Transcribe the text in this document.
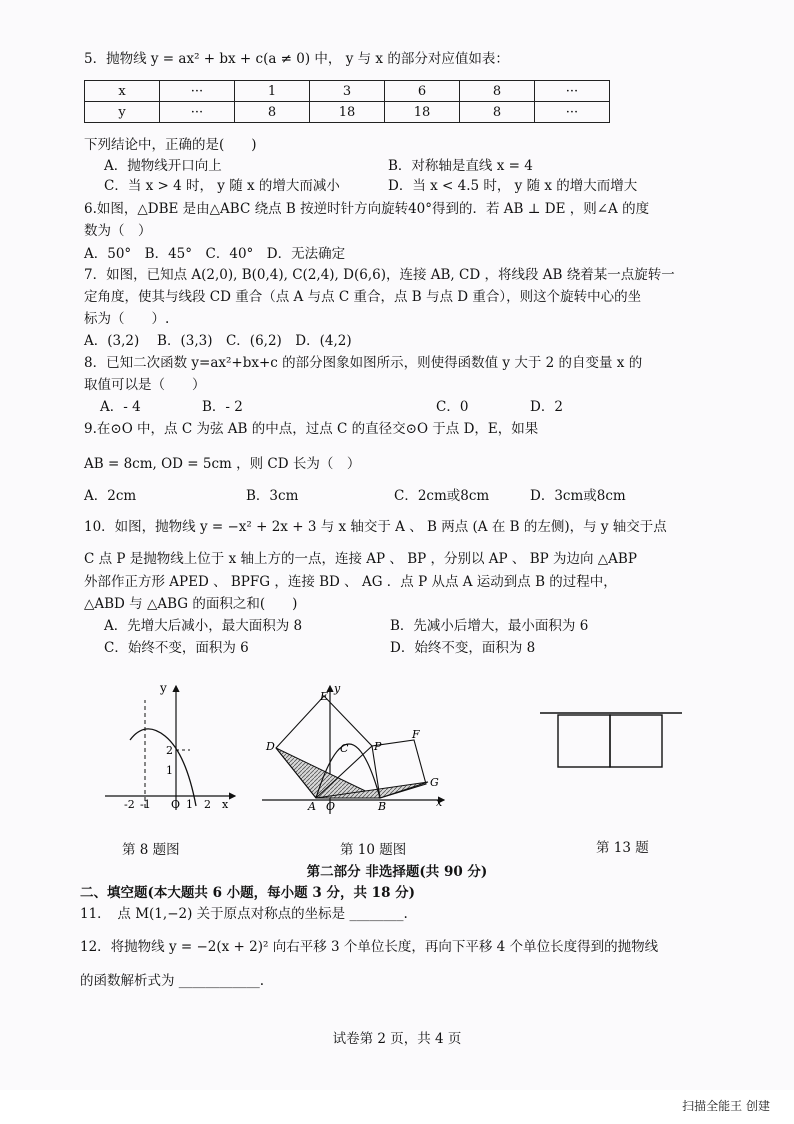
5．抛物线 y = ax² + bx + c(a ≠ 0) 中， y 与 x 的部分对应值如表：
x	···	1	3	6	8	···
y	···	8	18	18	8	···
下列结论中，正确的是(　　)
A．抛物线开口向上	B．对称轴是直线 x = 4
C．当 x > 4 时， y 随 x 的增大而减小	D．当 x < 4.5 时， y 随 x 的增大而增大
6.如图，△DBE 是由△ABC 绕点 B 按逆时针方向旋转40°得到的．若 AB ⊥ DE ，则∠A 的度
数为（　）
A．50°　B．45°　C．40°　D．无法确定
7．如图，已知点 A(2,0), B(0,4), C(2,4), D(6,6)，连接 AB, CD ，将线段 AB 绕着某一点旋转一
定角度，使其与线段 CD 重合（点 A 与点 C 重合，点 B 与点 D 重合），则这个旋转中心的坐
标为（　　）.
A．(3,2)　 B．(3,3)　C．(6,2)　D．(4,2)
8．已知二次函数 y=ax²+bx+c 的部分图象如图所示，则使得函数值 y 大于 2 的自变量 x 的
取值可以是（　　）
A．- 4	B．- 2	C．0	D．2
9.在⊙O 中，点 C 为弦 AB 的中点，过点 C 的直径交⊙O 于点 D，E，如果
AB = 8cm, OD = 5cm ，则 CD 长为（　）
A．2cm	B．3cm	C．2cm或8cm	D．3cm或8cm
10．如图，抛物线 y = −x² + 2x + 3 与 x 轴交于 A 、 B 两点 (A 在 B 的左侧)，与 y 轴交于点
C 点 P 是抛物线上位于 x 轴上方的一点，连接 AP 、 BP ，分别以 AP 、 BP 为边向 △ABP
外部作正方形 APED 、 BPFG ，连接 BD 、 AG ．点 P 从点 A 运动到点 B 的过程中，
△ABD 与 △ABG 的面积之和(　　)
A．先增大后减小，最大面积为 8	B．先减小后增大，最小面积为 6
C．始终不变，面积为 6	D．始终不变，面积为 8
y
2
1
-2 -1 O 1 2 x
第 8 题图
E
y
D	C P
F
G
A O	B	x
第 10 题图	第 13 题
第二部分 非选择题(共 90 分)
二、填空题(本大题共 6 小题，每小题 3 分，共 18 分)
11．　点 M(1,−2) 关于原点对称点的坐标是 ________.
12．将抛物线 y = −2(x + 2)² 向右平移 3 个单位长度，再向下平移 4 个单位长度得到的抛物线
的函数解析式为 ____________.
试卷第 2 页，共 4 页
扫描全能王 创建
